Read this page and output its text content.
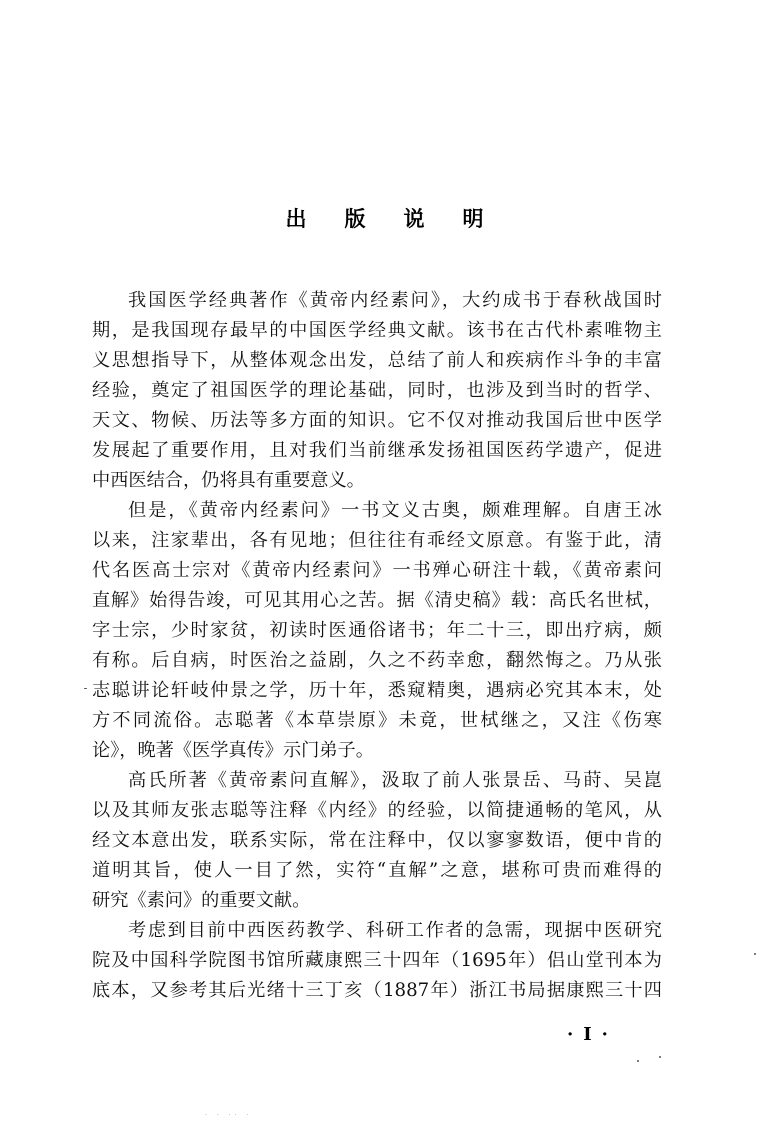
出版说明
我国医学经典著作《黄帝内经素问》，大约成书于春秋战国时
期，是我国现存最早的中国医学经典文献。该书在古代朴素唯物主
义思想指导下，从整体观念出发，总结了前人和疾病作斗争的丰富
经验，奠定了祖国医学的理论基础，同时，也涉及到当时的哲学、
天文、物候、历法等多方面的知识。它不仅对推动我国后世中医学
发展起了重要作用，且对我们当前继承发扬祖国医药学遗产，促进
中西医结合，仍将具有重要意义。
但是，《黄帝内经素问》一书文义古奥，颇难理解。自唐王冰
以来，注家辈出，各有见地；但往往有乖经文原意。有鉴于此，清
代名医高士宗对《黄帝内经素问》一书殚心研注十载，《黄帝素问
直解》始得告竣，可见其用心之苦。据《清史稿》载：高氏名世栻，
字士宗，少时家贫，初读时医通俗诸书；年二十三，即出疗病，颇
有称。后自病，时医治之益剧，久之不药幸愈，翻然悔之。乃从张
志聪讲论轩岐仲景之学，历十年，悉窥精奥，遇病必究其本末，处
方不同流俗。志聪著《本草崇原》未竟，世栻继之，又注《伤寒
论》，晚著《医学真传》示门弟子。
高氏所著《黄帝素问直解》，汲取了前人张景岳、马莳、吴崑
以及其师友张志聪等注释《内经》的经验，以简捷通畅的笔风，从
经文本意出发，联系实际，常在注释中，仅以寥寥数语，便中肯的
道明其旨，使人一目了然，实符“直解”之意，堪称可贵而难得的
研究《素问》的重要文献。
考虑到目前中西医药教学、科研工作者的急需，现据中医研究
院及中国科学院图书馆所藏康熙三十四年（1695年）侣山堂刊本为
底本，又参考其后光绪十三丁亥（1887年）浙江书局据康熙三十四
·Ⅰ·
· · ·· ·
